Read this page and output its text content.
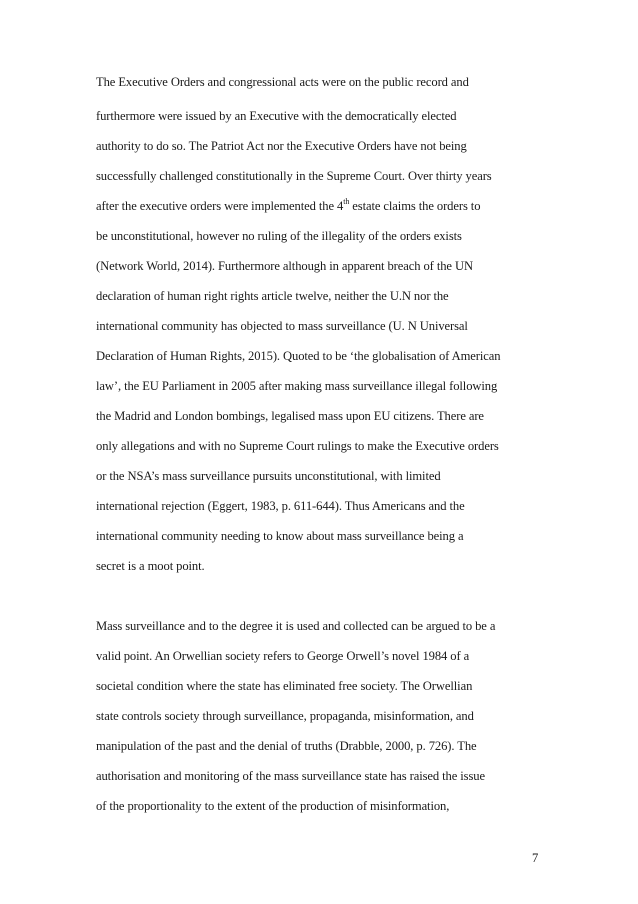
The Executive Orders and congressional acts were on the public record and

furthermore were issued by an Executive with the democratically elected

authority to do so. The Patriot Act nor the Executive Orders have not being

successfully challenged constitutionally in the Supreme Court. Over thirty years

after the executive orders were implemented the 4th estate claims the orders to

be unconstitutional, however no ruling of the illegality of the orders exists

(Network World, 2014). Furthermore although in apparent breach of the UN

declaration of human right rights article twelve, neither the U.N nor the

international community has objected to mass surveillance (U. N Universal

Declaration of Human Rights, 2015). Quoted to be ‘the globalisation of American

law’, the EU Parliament in 2005 after making mass surveillance illegal following

the Madrid and London bombings, legalised mass upon EU citizens. There are

only allegations and with no Supreme Court rulings to make the Executive orders

or the NSA’s mass surveillance pursuits unconstitutional, with limited

international rejection (Eggert, 1983, p. 611-644). Thus Americans and the

international community needing to know about mass surveillance being a

secret is a moot point.

Mass surveillance and to the degree it is used and collected can be argued to be a

valid point. An Orwellian society refers to George Orwell’s novel 1984 of a

societal condition where the state has eliminated free society. The Orwellian

state controls society through surveillance, propaganda, misinformation, and

manipulation of the past and the denial of truths (Drabble, 2000, p. 726). The

authorisation and monitoring of the mass surveillance state has raised the issue

of the proportionality to the extent of the production of misinformation,

7
